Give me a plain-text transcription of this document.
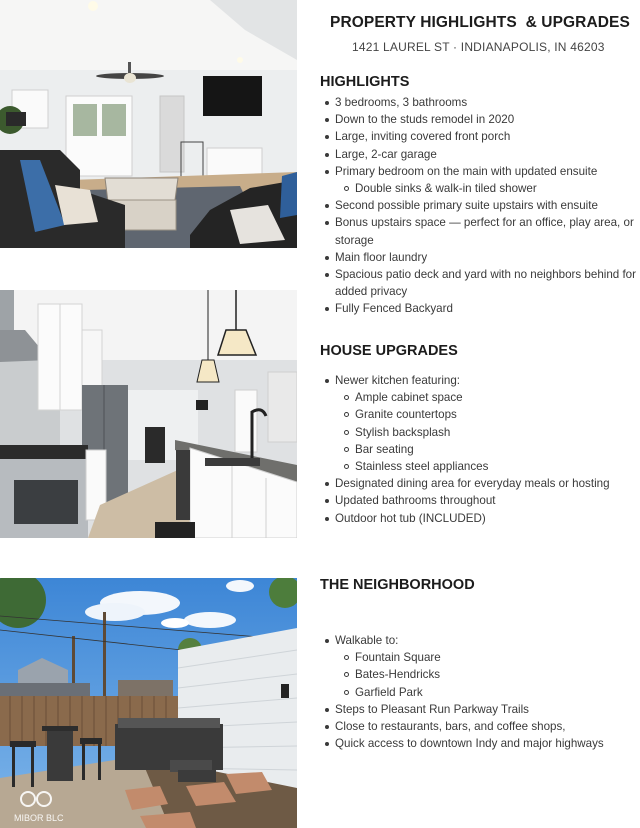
MIBOR BLC
PROPERTY HIGHLIGHTS  & UPGRADES
1421 LAUREL ST · INDIANAPOLIS, IN 46203
HIGHLIGHTS
3 bedrooms, 3 bathrooms
Down to the studs remodel in 2020
Large, inviting covered front porch
Large, 2-car garage
Primary bedroom on the main with updated ensuite
Double sinks & walk-in tiled shower
Second possible primary suite upstairs with ensuite
Bonus upstairs space — perfect for an office, play area, or storage
Main floor laundry
Spacious patio deck and yard with no neighbors behind for added privacy
Fully Fenced Backyard
HOUSE UPGRADES
Newer kitchen featuring:
Ample cabinet space
Granite countertops
Stylish backsplash
Bar seating
Stainless steel appliances
Designated dining area for everyday meals or hosting
Updated bathrooms throughout
Outdoor hot tub (INCLUDED)
THE NEIGHBORHOOD
Walkable to:
Fountain Square
Bates-Hendricks
Garfield Park
Steps to Pleasant Run Parkway Trails
Close to restaurants, bars, and coffee shops,
Quick access to downtown Indy and major highways
